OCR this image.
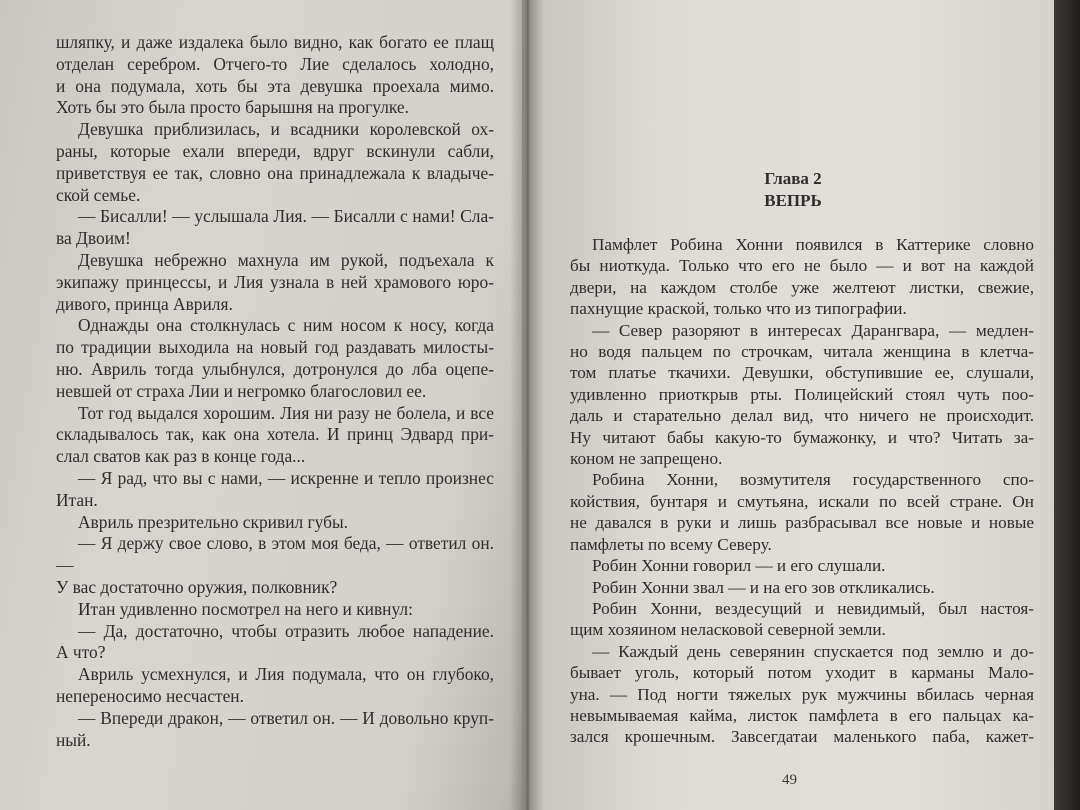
шляпку, и даже издалека было видно, как богато ее плащ

отделан серебром. Отчего-то Лие сделалось холодно,

и она подумала, хоть бы эта девушка проехала мимо.

Хоть бы это была просто барышня на прогулке.

Девушка приблизилась, и всадники королевской ох-

раны, которые ехали впереди, вдруг вскинули сабли,

приветствуя ее так, словно она принадлежала к владыче-

ской семье.

— Бисалли! — услышала Лия. — Бисалли с нами! Сла-

ва Двоим!

Девушка небрежно махнула им рукой, подъехала к

экипажу принцессы, и Лия узнала в ней храмового юро-

дивого, принца Авриля.

Однажды она столкнулась с ним носом к носу, когда

по традиции выходила на новый год раздавать милосты-

ню. Авриль тогда улыбнулся, дотронулся до лба оцепе-

невшей от страха Лии и негромко благословил ее.

Тот год выдался хорошим. Лия ни разу не болела, и все

складывалось так, как она хотела. И принц Эдвард при-

слал сватов как раз в конце года...

— Я рад, что вы с нами, — искренне и тепло произнес

Итан.

Авриль презрительно скривил губы.

— Я держу свое слово, в этом моя беда, — ответил он. —

У вас достаточно оружия, полковник?

Итан удивленно посмотрел на него и кивнул:

— Да, достаточно, чтобы отразить любое нападение.

А что?

Авриль усмехнулся, и Лия подумала, что он глубоко,

непереносимо несчастен.

— Впереди дракон, — ответил он. — И довольно круп-

ный.

Глава 2
ВЕПРЬ

Памфлет Робина Хонни появился в Каттерике словно

бы ниоткуда. Только что его не было — и вот на каждой

двери, на каждом столбе уже желтеют листки, свежие,

пахнущие краской, только что из типографии.

— Север разоряют в интересах Дарангвара, — медлен-

но водя пальцем по строчкам, читала женщина в клетча-

том платье ткачихи. Девушки, обступившие ее, слушали,

удивленно приоткрыв рты. Полицейский стоял чуть поо-

даль и старательно делал вид, что ничего не происходит.

Ну читают бабы какую-то бумажонку, и что? Читать за-

коном не запрещено.

Робина Хонни, возмутителя государственного спо-

койствия, бунтаря и смутьяна, искали по всей стране. Он

не давался в руки и лишь разбрасывал все новые и новые

памфлеты по всему Северу.

Робин Хонни говорил — и его слушали.

Робин Хонни звал — и на его зов откликались.

Робин Хонни, вездесущий и невидимый, был настоя-

щим хозяином неласковой северной земли.

— Каждый день северянин спускается под землю и до-

бывает уголь, который потом уходит в карманы Мало-

уна. — Под ногти тяжелых рук мужчины вбилась черная

невымываемая кайма, листок памфлета в его пальцах ка-

зался крошечным. Завсегдатаи маленького паба, кажет-

49
